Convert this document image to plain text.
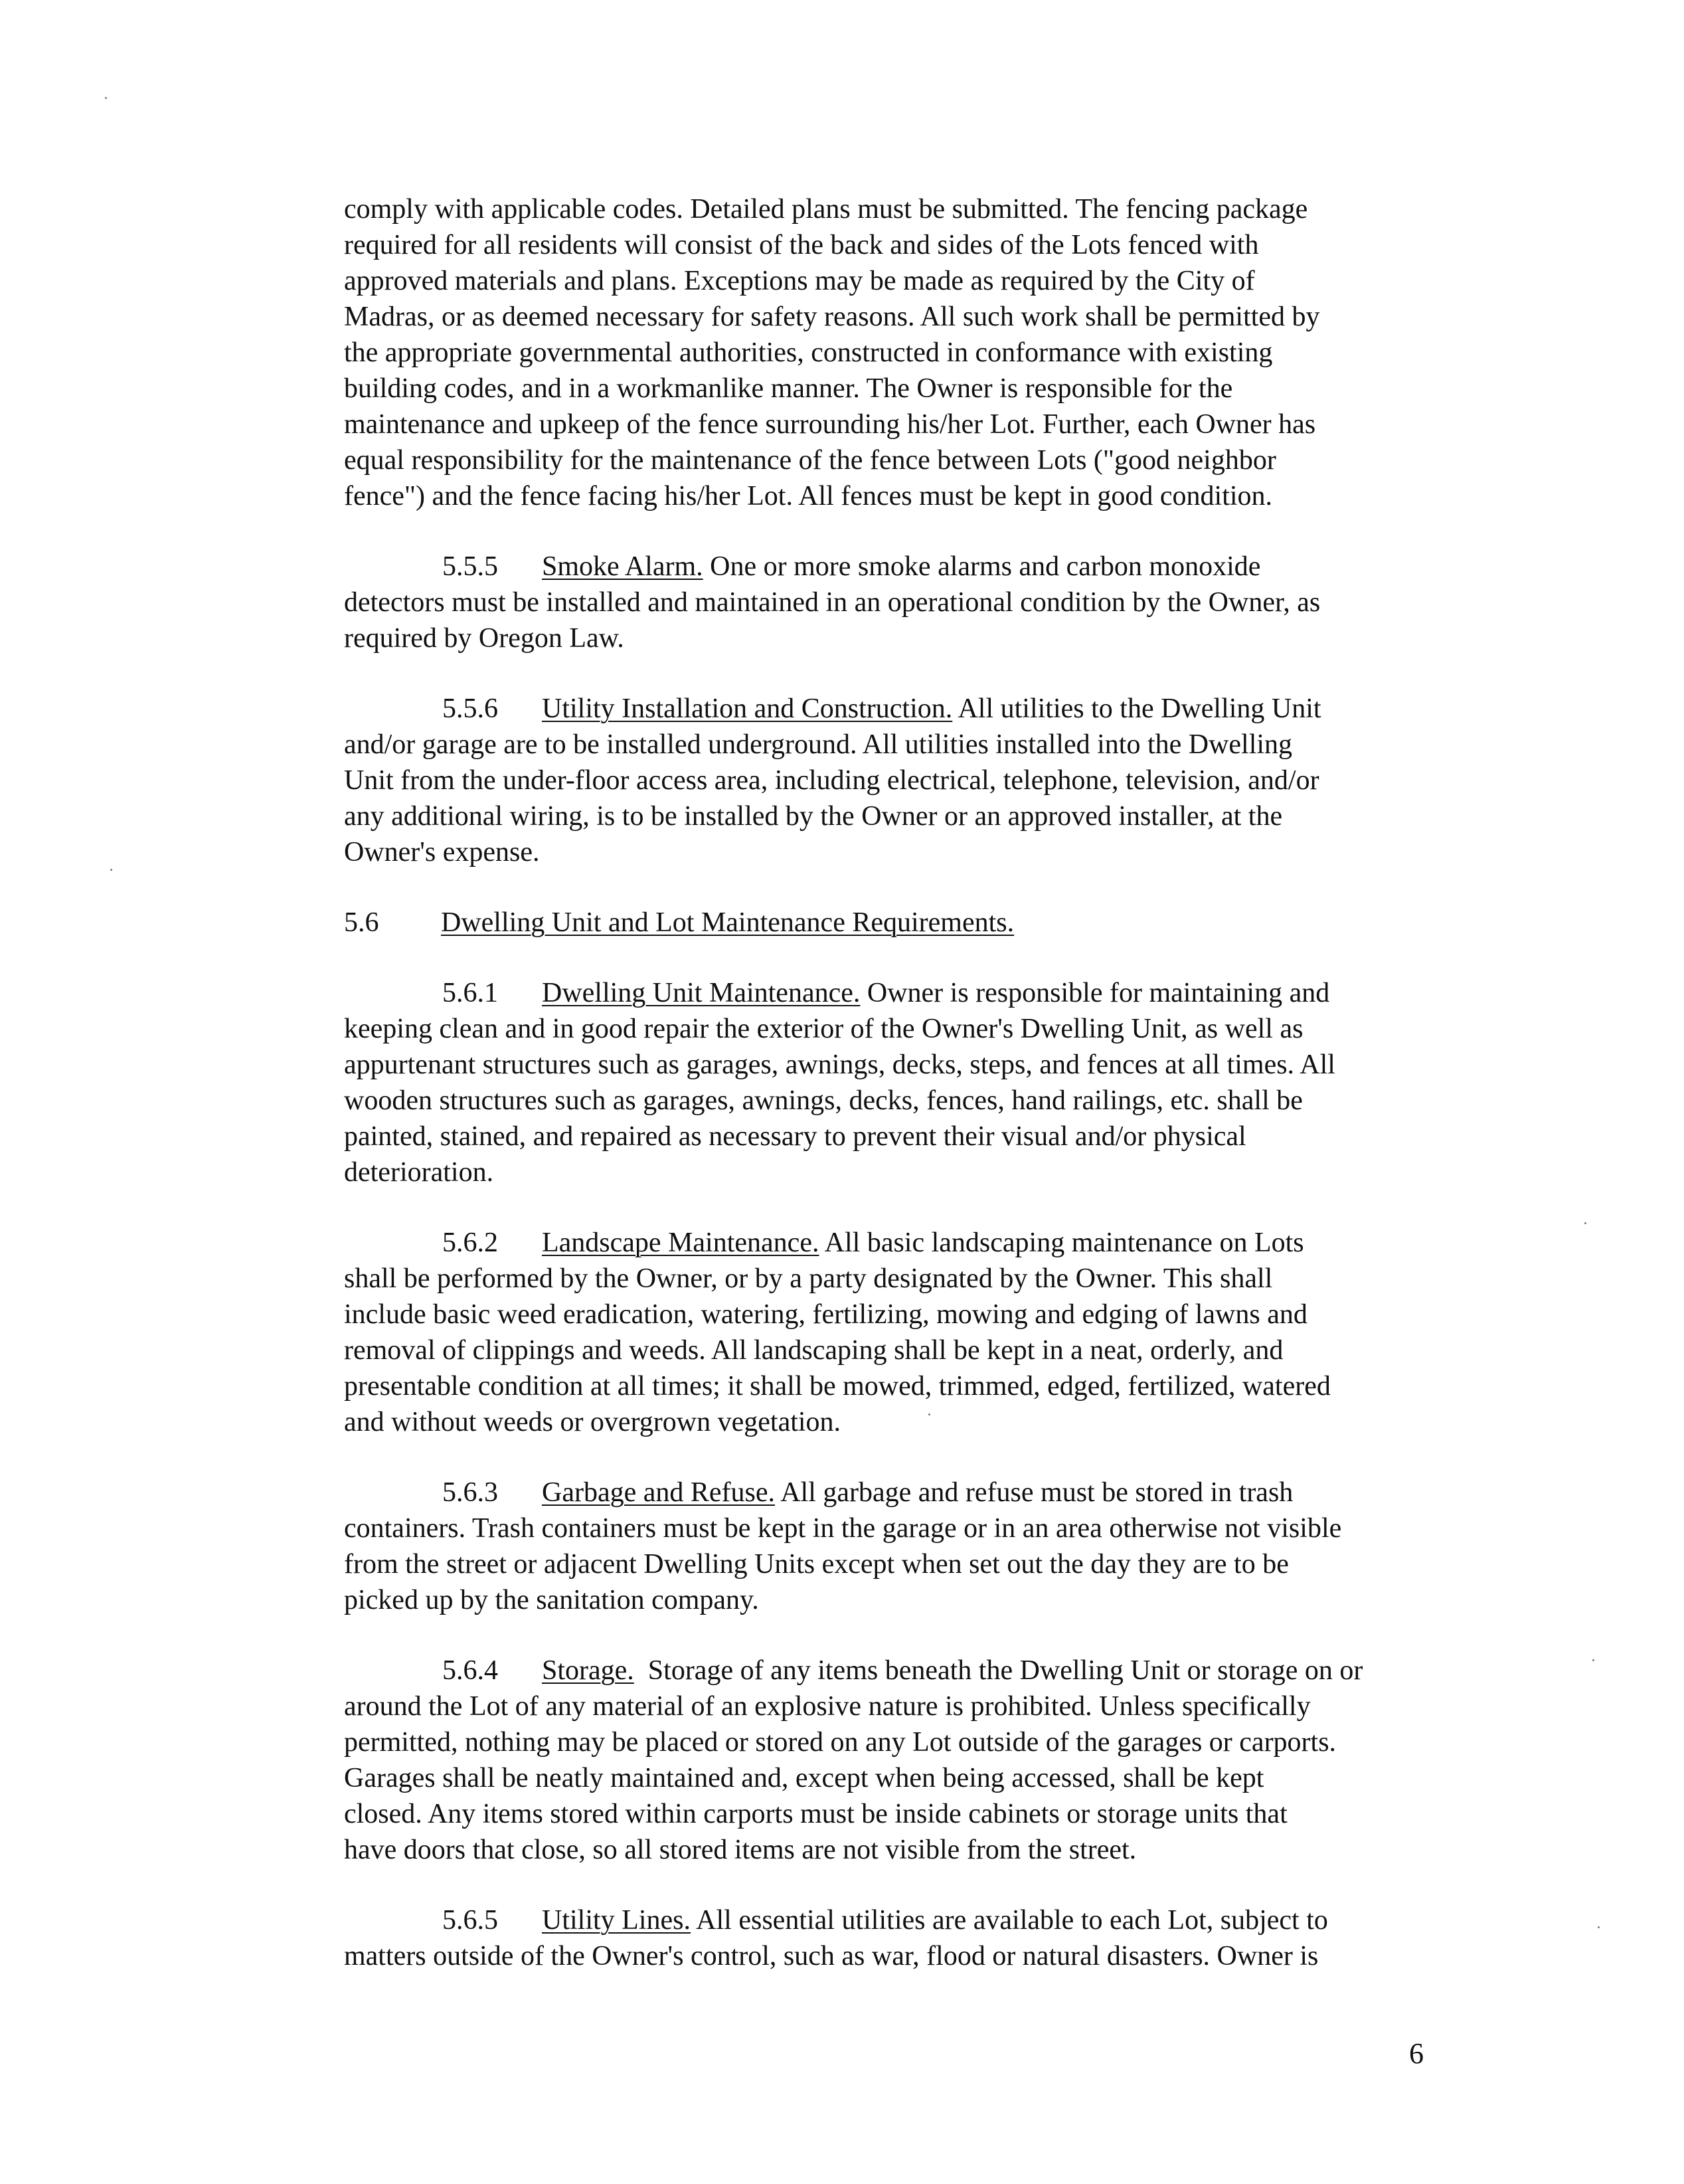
comply with applicable codes. Detailed plans must be submitted. The fencing package
required for all residents will consist of the back and sides of the Lots fenced with
approved materials and plans. Exceptions may be made as required by the City of
Madras, or as deemed necessary for safety reasons. All such work shall be permitted by
the appropriate governmental authorities, constructed in conformance with existing
building codes, and in a workmanlike manner. The Owner is responsible for the
maintenance and upkeep of the fence surrounding his/her Lot. Further, each Owner has
equal responsibility for the maintenance of the fence between Lots ("good neighbor
fence") and the fence facing his/her Lot. All fences must be kept in good condition.
5.5.5 Smoke Alarm. One or more smoke alarms and carbon monoxide
detectors must be installed and maintained in an operational condition by the Owner, as
required by Oregon Law.
5.5.6 Utility Installation and Construction. All utilities to the Dwelling Unit
and/or garage are to be installed underground. All utilities installed into the Dwelling
Unit from the under-floor access area, including electrical, telephone, television, and/or
any additional wiring, is to be installed by the Owner or an approved installer, at the
Owner's expense.
5.6 Dwelling Unit and Lot Maintenance Requirements.
5.6.1 Dwelling Unit Maintenance. Owner is responsible for maintaining and
keeping clean and in good repair the exterior of the Owner's Dwelling Unit, as well as
appurtenant structures such as garages, awnings, decks, steps, and fences at all times. All
wooden structures such as garages, awnings, decks, fences, hand railings, etc. shall be
painted, stained, and repaired as necessary to prevent their visual and/or physical
deterioration.
5.6.2 Landscape Maintenance. All basic landscaping maintenance on Lots
shall be performed by the Owner, or by a party designated by the Owner. This shall
include basic weed eradication, watering, fertilizing, mowing and edging of lawns and
removal of clippings and weeds. All landscaping shall be kept in a neat, orderly, and
presentable condition at all times; it shall be mowed, trimmed, edged, fertilized, watered
and without weeds or overgrown vegetation.
5.6.3 Garbage and Refuse. All garbage and refuse must be stored in trash
containers. Trash containers must be kept in the garage or in an area otherwise not visible
from the street or adjacent Dwelling Units except when set out the day they are to be
picked up by the sanitation company.
5.6.4 Storage.  Storage of any items beneath the Dwelling Unit or storage on or
around the Lot of any material of an explosive nature is prohibited. Unless specifically
permitted, nothing may be placed or stored on any Lot outside of the garages or carports.
Garages shall be neatly maintained and, except when being accessed, shall be kept
closed. Any items stored within carports must be inside cabinets or storage units that
have doors that close, so all stored items are not visible from the street.
5.6.5 Utility Lines. All essential utilities are available to each Lot, subject to
matters outside of the Owner's control, such as war, flood or natural disasters. Owner is
6
